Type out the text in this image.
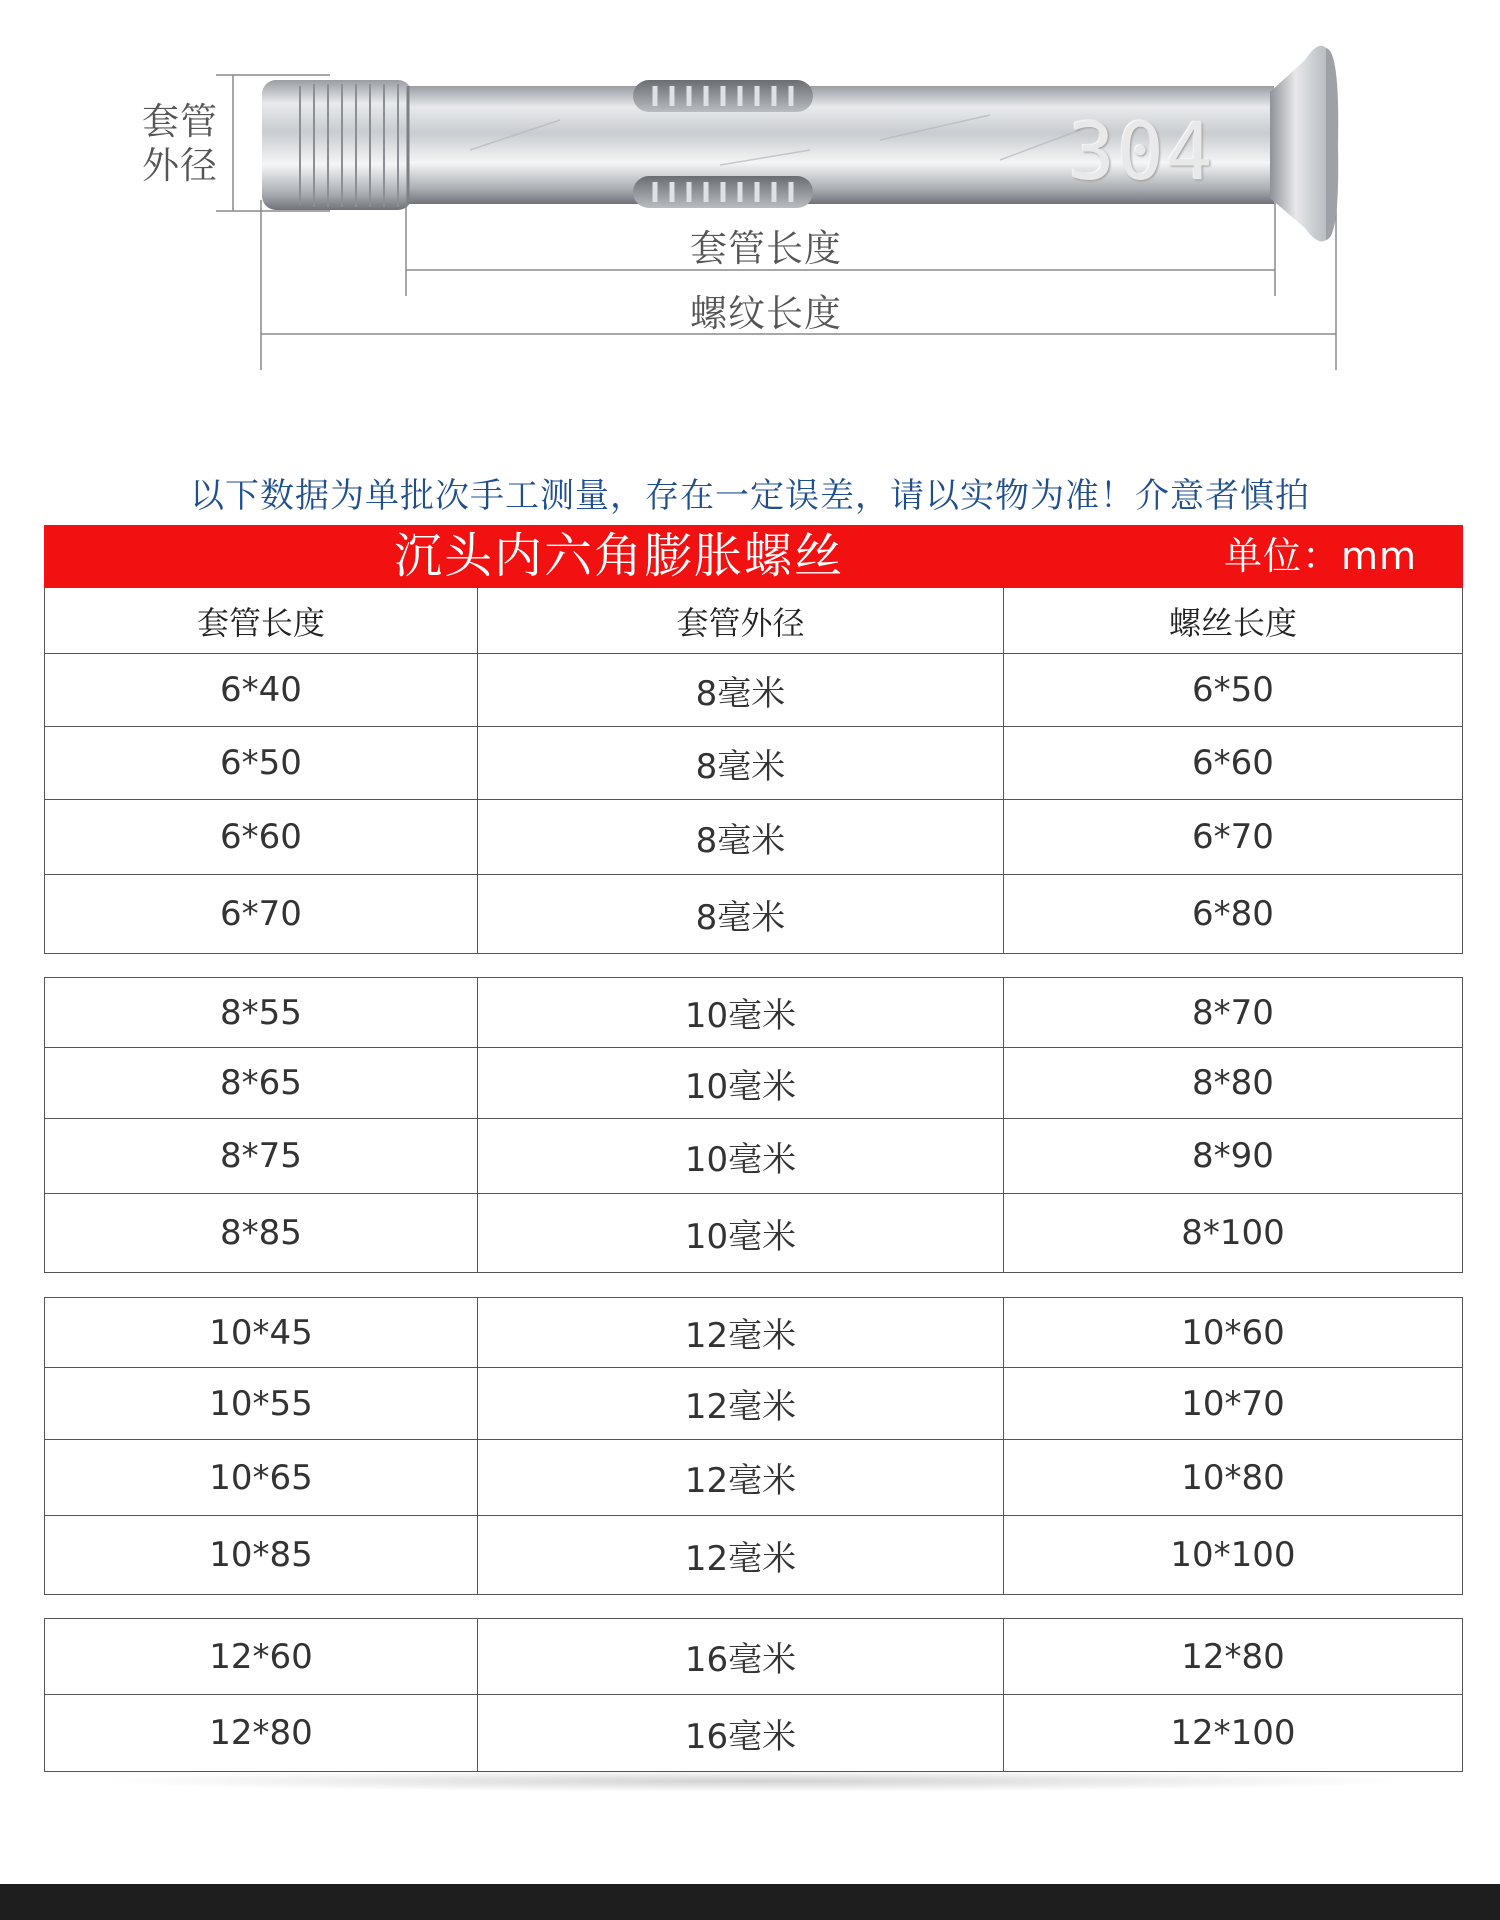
套管外径
套管长度
螺纹长度
304
以下数据为单批次手工测量，存在一定误差，请以实物为准！介意者慎拍
沉头内六角膨胀螺丝	单位：mm
套管长度	套管外径	螺丝长度
6*40	8毫米	6*50
6*50	8毫米	6*60
6*60	8毫米	6*70
6*70	8毫米	6*80
8*55	10毫米	8*70
8*65	10毫米	8*80
8*75	10毫米	8*90
8*85	10毫米	8*100
10*45	12毫米	10*60
10*55	12毫米	10*70
10*65	12毫米	10*80
10*85	12毫米	10*100
12*60	16毫米	12*80
12*80	16毫米	12*100
